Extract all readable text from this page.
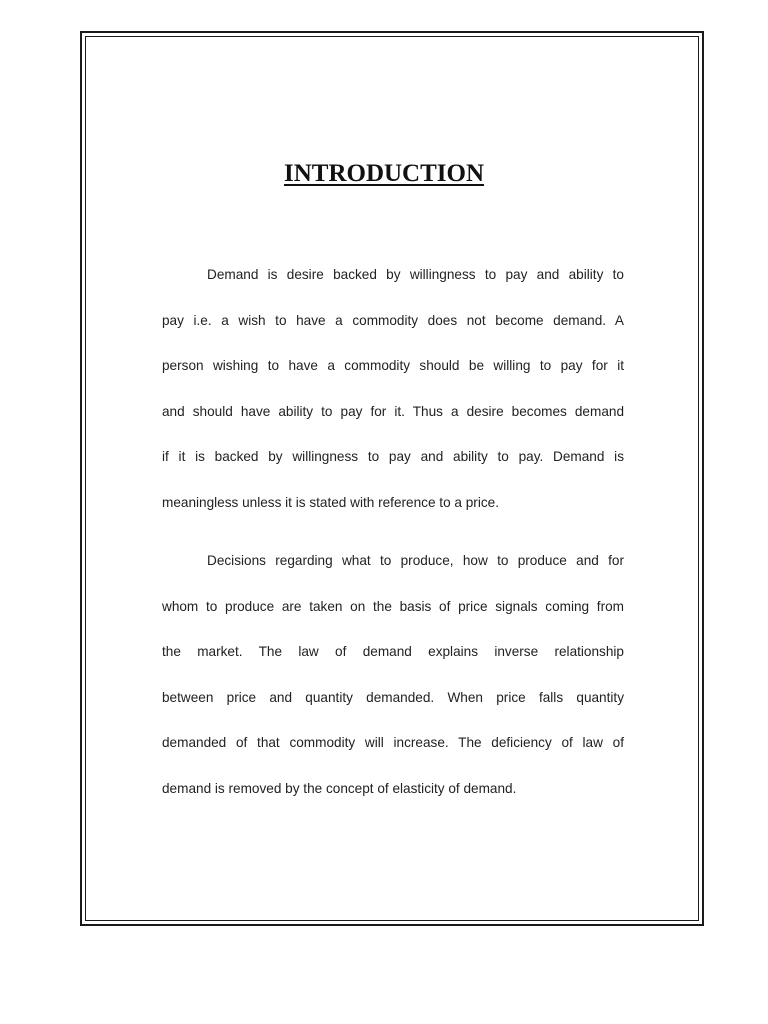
INTRODUCTION
Demand is desire backed by willingness to pay and ability to
pay i.e. a wish to have a commodity does not become demand. A
person wishing to have a commodity should be willing to pay for it
and should have ability to pay for it. Thus a desire becomes demand
if it is backed by willingness to pay and ability to pay. Demand is
meaningless unless it is stated with reference to a price.
Decisions regarding what to produce, how to produce and for
whom to produce are taken on the basis of price signals coming from
the market. The law of demand explains inverse relationship
between price and quantity demanded. When price falls quantity
demanded of that commodity will increase. The deficiency of law of
demand is removed by the concept of elasticity of demand.
